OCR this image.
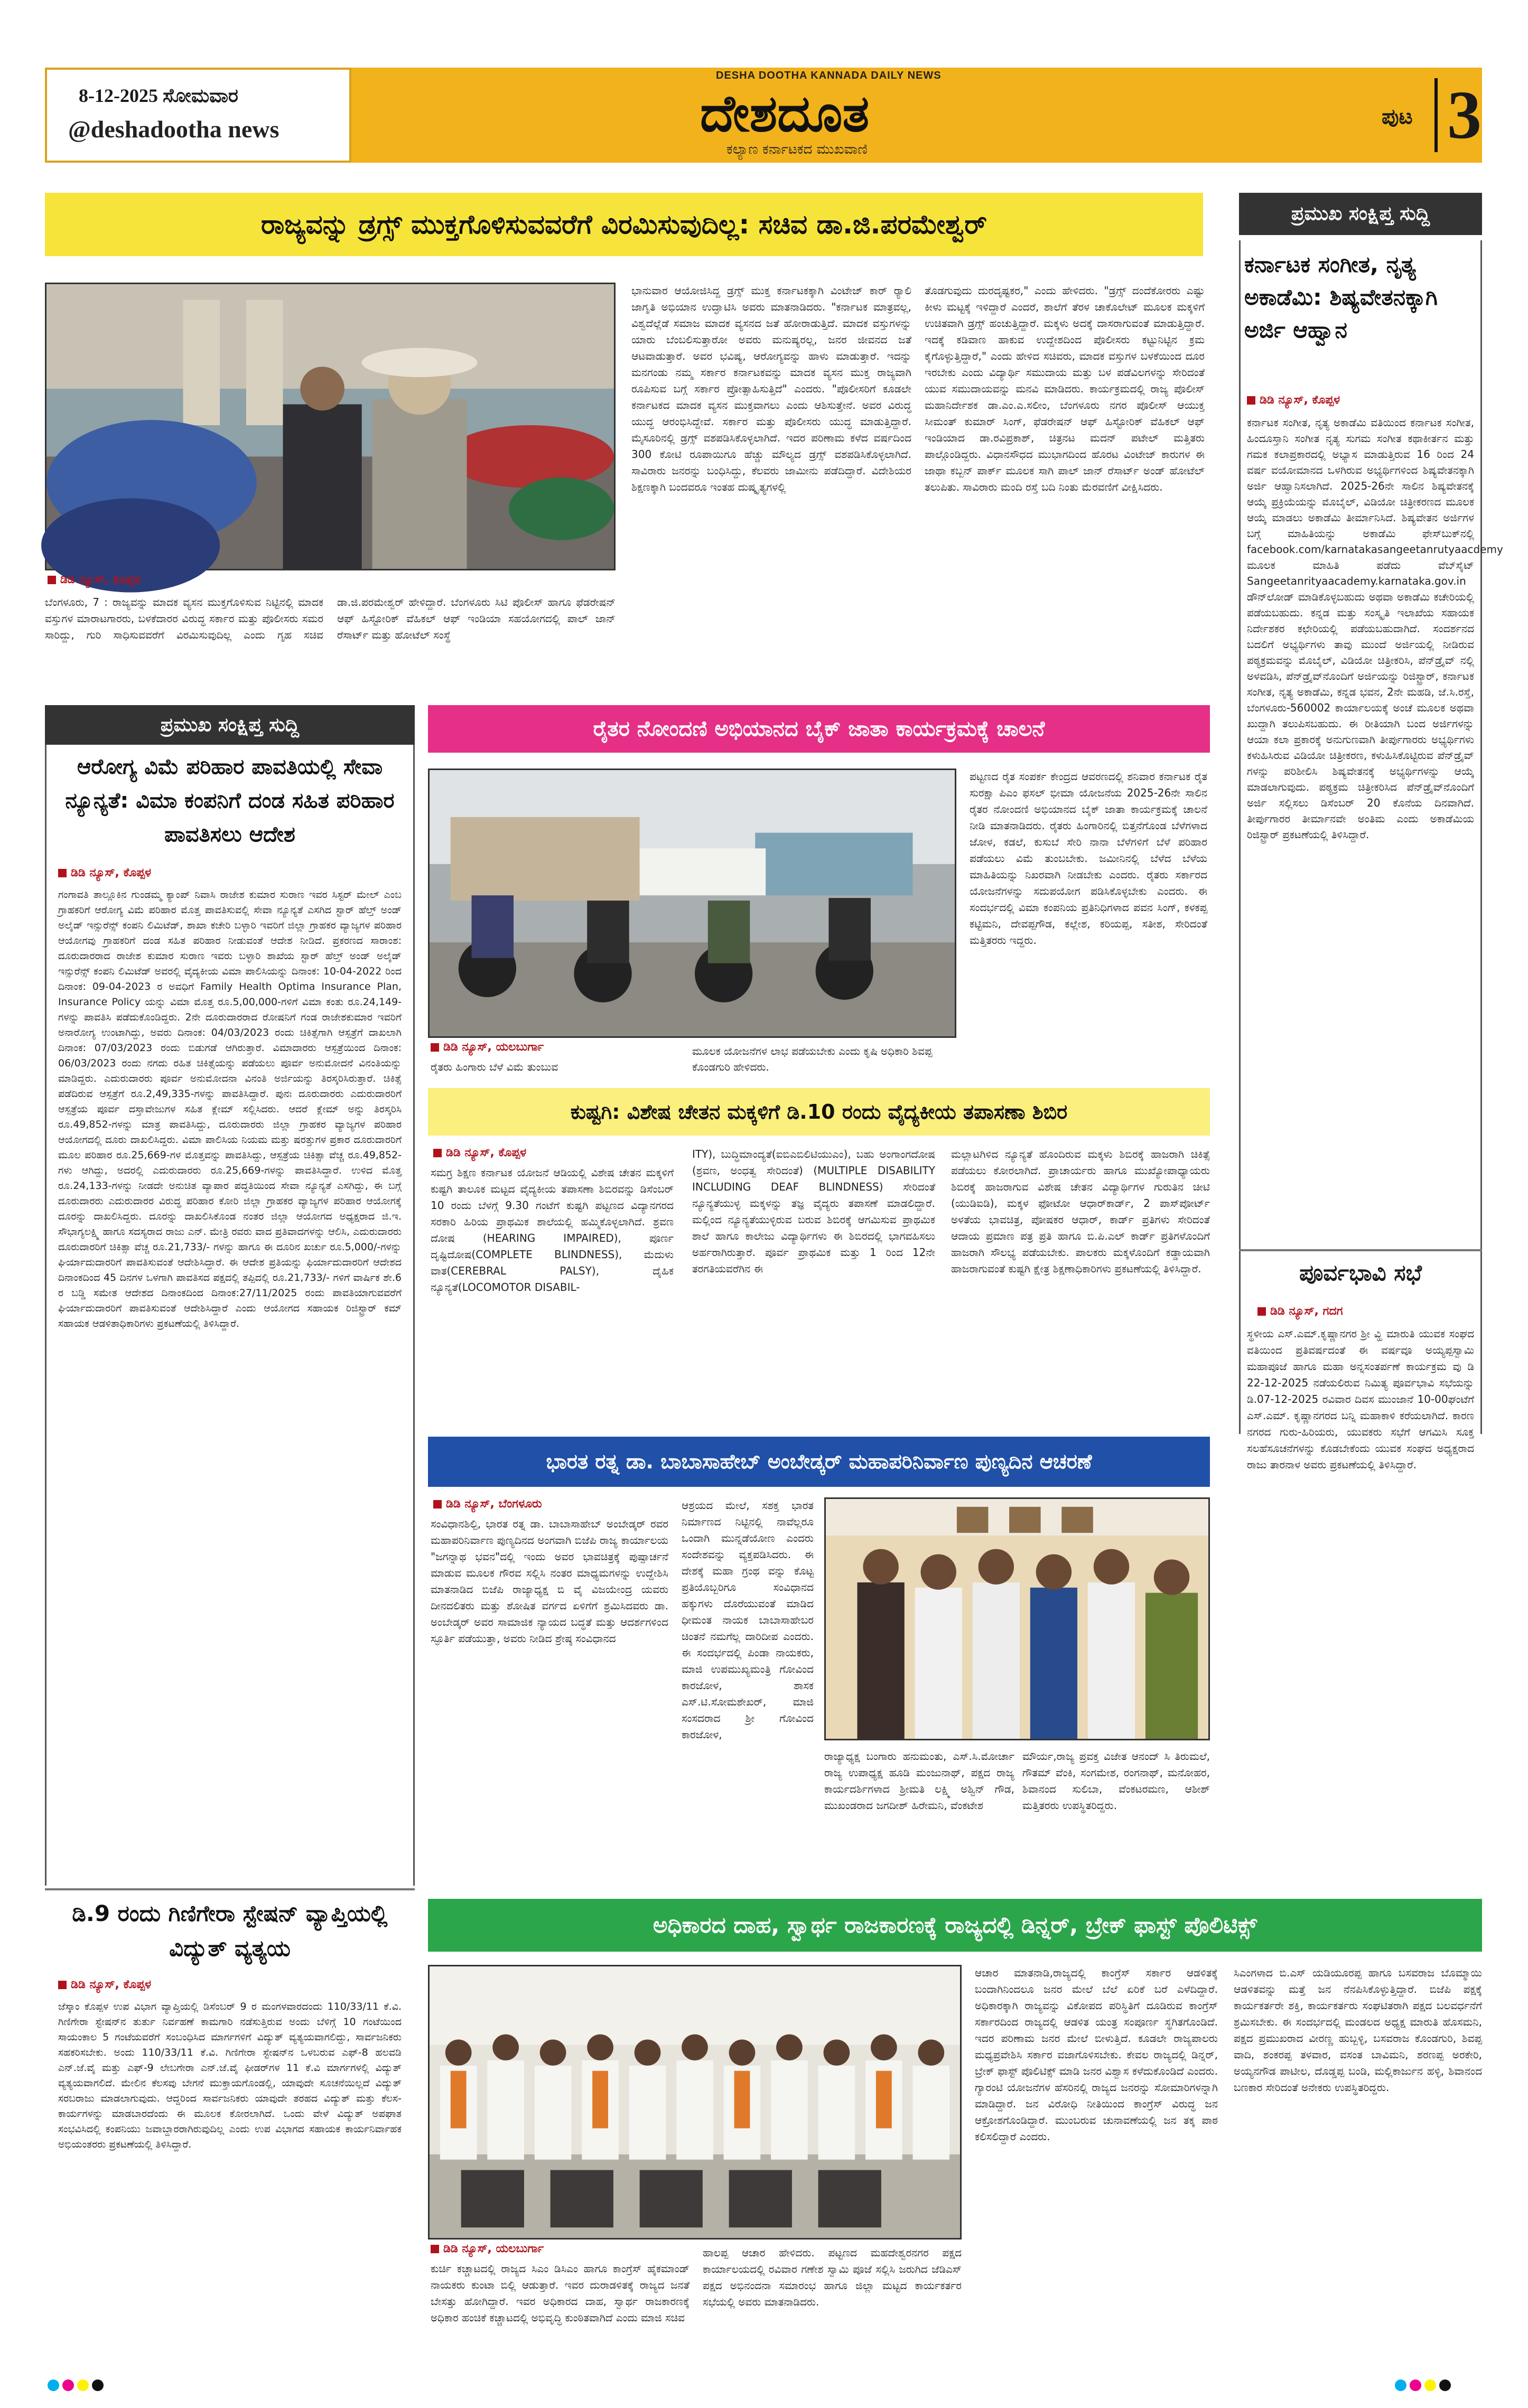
8-12-2025 ಸೋಮವಾರ
@deshadootha news
DESHA DOOTHA KANNADA DAILY NEWS
ದೇಶದೂತ
ಕಲ್ಯಾಣ ಕರ್ನಾಟಕದ ಮುಖವಾಣಿ
ಪುಟ 3
ರಾಜ್ಯವನ್ನು ಡ್ರಗ್ಸ್ ಮುಕ್ತಗೊಳಿಸುವವರೆಗೆ ವಿರಮಿಸುವುದಿಲ್ಲ: ಸಚಿವ ಡಾ.ಜಿ.ಪರಮೇಶ್ವರ್
ಡಿಡಿ ನ್ಯೂಸ್, ಕೊಪ್ಪಳ
ಬೆಂಗಳೂರು, 7 : ರಾಜ್ಯವನ್ನು ಮಾದಕ ವ್ಯಸನ ಮುಕ್ತಗೊಳಿಸುವ ನಿಟ್ಟಿನಲ್ಲಿ ಮಾದಕ ವಸ್ತುಗಳ ಮಾರಾಟಗಾರರು, ಬಳಕೆದಾರರ ವಿರುದ್ಧ ಸರ್ಕಾರ ಮತ್ತು ಪೊಲೀಸರು ಸಮರ ಸಾರಿದ್ದು, ಗುರಿ ಸಾಧಿಸುವವರೆಗೆ ವಿರಮಿಸುವುದಿಲ್ಲ ಎಂದು ಗೃಹ ಸಚಿವ ಡಾ.ಜಿ.ಪರಮೇಶ್ವರ್ ಹೇಳಿದ್ದಾರೆ. ಬೆಂಗಳೂರು ಸಿಟಿ ಪೊಲೀಸ್ ಹಾಗೂ ಫೆಡರೇಷನ್ ಆಫ್ ಹಿಸ್ಟೋರಿಕ್ ವೆಹಿಕಲ್ ಆಫ್ ಇಂಡಿಯಾ ಸಹಯೋಗದಲ್ಲಿ ಪಾಲ್ ಜಾನ್ ರೆಸಾರ್ಟ್ ಮತ್ತು ಹೋಟೆಲ್ ಸಂಸ್ಥೆ
ಭಾನುವಾರ ಆಯೋಜಿಸಿದ್ದ ಡ್ರಗ್ಸ್ ಮುಕ್ತ ಕರ್ನಾಟಕಕ್ಕಾಗಿ ವಿಂಟೇಜ್ ಕಾರ್ ರ್‍ಯಾಲಿ ಜಾಗೃತಿ ಅಭಿಯಾನ ಉದ್ಘಾಟಿಸಿ ಅವರು ಮಾತನಾಡಿದರು. "ಕರ್ನಾಟಕ ಮಾತ್ರವಲ್ಲ, ವಿಶ್ವದೆಲ್ಲೆಡೆ ಸಮಾಜ ಮಾದಕ ವ್ಯಸನದ ಜತೆ ಹೋರಾಡುತ್ತಿದೆ. ಮಾದಕ ವಸ್ತುಗಳನ್ನು ಯಾರು ಬೆಂಬಲಿಸುತ್ತಾರೋ ಅವರು ಮನುಷ್ಯರಲ್ಲ, ಜನರ ಜೀವನದ ಜತೆ ಆಟವಾಡುತ್ತಾರೆ. ಅವರ ಭವಿಷ್ಯ, ಆರೋಗ್ಯವನ್ನು ಹಾಳು ಮಾಡುತ್ತಾರೆ. ಇದನ್ನು ಮನಗಂಡು ನಮ್ಮ ಸರ್ಕಾರ ಕರ್ನಾಟಕವನ್ನು ಮಾದಕ ವ್ಯಸನ ಮುಕ್ತ ರಾಜ್ಯವಾಗಿ ರೂಪಿಸುವ ಬಗ್ಗೆ ಸರ್ಕಾರ ಪ್ರೋತ್ಸಾಹಿಸುತ್ತಿದೆ" ಎಂದರು. "ಪೊಲೀಸರಿಗೆ ಕೂಡಲೇ ಕರ್ನಾಟಕದ ಮಾದಕ ವ್ಯಸನ ಮುಕ್ತವಾಗಲು ಎಂದು ಆಶಿಸುತ್ತೇನೆ. ಅವರ ವಿರುದ್ಧ ಯುದ್ಧ ಆರಂಭಿಸಿದ್ದೇವೆ. ಸರ್ಕಾರ ಮತ್ತು ಪೊಲೀಸರು ಯುದ್ಧ ಮಾಡುತ್ತಿದ್ದಾರೆ. ಮೈಸೂರಿನಲ್ಲಿ ಡ್ರಗ್ಸ್ ವಶಪಡಿಸಿಕೊಳ್ಳಲಾಗಿದೆ. ಇದರ ಪರಿಣಾಮ ಕಳೆದ ವರ್ಷದಿಂದ 300 ಕೋಟಿ ರೂಪಾಯಿಗೂ ಹೆಚ್ಚು ಮೌಲ್ಯದ ಡ್ರಗ್ಸ್ ವಶಪಡಿಸಿಕೊಳ್ಳಲಾಗಿದೆ. ಸಾವಿರಾರು ಜನರನ್ನು ಬಂಧಿಸಿದ್ದು, ಕೆಲವರು ಜಾಮೀನು ಪಡೆದಿದ್ದಾರೆ. ವಿದೇಶಿಯರ ಶಿಕ್ಷಣಕ್ಕಾಗಿ ಬಂದವರೂ ಇಂತಹ ದುಷ್ಕೃತ್ಯಗಳಲ್ಲಿ
ತೊಡಗುವುದು ದುರದೃಷ್ಟಕರ," ಎಂದು ಹೇಳಿದರು. "ಡ್ರಗ್ಸ್ ದಂದೆಕೋರರು ಎಷ್ಟು ಕೀಳು ಮಟ್ಟಕ್ಕೆ ಇಳಿದ್ದಾರೆ ಎಂದರೆ, ಶಾಲೆಗೆ ತೆರಳ ಚಾಕೊಲೇಟ್ ಮೂಲಕ ಮಕ್ಕಳಿಗೆ ಉಚಿತವಾಗಿ ಡ್ರಗ್ಸ್ ಹಂಚುತ್ತಿದ್ದಾರೆ. ಮಕ್ಕಳು ಅದಕ್ಕೆ ದಾಸರಾಗುವಂತೆ ಮಾಡುತ್ತಿದ್ದಾರೆ. ಇದಕ್ಕೆ ಕಡಿವಾಣ ಹಾಕುವ ಉದ್ದೇಶದಿಂದ ಪೊಲೀಸರು ಕಟ್ಟುನಿಟ್ಟಿನ ಕ್ರಮ ಕೈಗೊಳ್ಳುತ್ತಿದ್ದಾರೆ," ಎಂದು ಹೇಳಿದ ಸಚಿವರು, ಮಾದಕ ವಸ್ತುಗಳ ಬಳಕೆಯಿಂದ ದೂರ ಇರಬೇಕು ಎಂದು ವಿದ್ಯಾರ್ಥಿ ಸಮುದಾಯ ಮತ್ತು ಬಳ ಪಡೆವಿಲಗಳನ್ನು ಸೇರಿದಂತೆ ಯುವ ಸಮುದಾಯವನ್ನು ಮನವಿ ಮಾಡಿದರು. ಕಾರ್ಯಕ್ರಮದಲ್ಲಿ ರಾಜ್ಯ ಪೊಲೀಸ್ ಮಹಾನಿರ್ದೇಶಕ ಡಾ.ಎಂ.ಎ.ಸಲೀಂ, ಬೆಂಗಳೂರು ನಗರ ಪೊಲೀಸ್ ಆಯುಕ್ತ ಸೀಮಂತ್ ಕುಮಾರ್ ಸಿಂಗ್, ಫೆಡರೇಷನ್ ಆಫ್ ಹಿಸ್ಟೋರಿಕ್ ವೆಹಿಕಲ್ ಆಫ್ ಇಂಡಿಯಾದ ಡಾ.ರವಿಪ್ರಕಾಶ್, ಚಿತ್ರನಟ ಮದನ್ ಪಟೇಲ್ ಮತ್ತಿತರು ಪಾಲ್ಗೊಂಡಿದ್ದರು. ವಿಧಾನಸೌಧದ ಮುಭಾಗದಿಂದ ಹೊರಟ ವಿಂಟೇಜ್ ಕಾರುಗಳ ಈ ಜಾಥಾ ಕಬ್ಬನ್ ಪಾರ್ಕ್ ಮೂಲಕ ಸಾಗಿ ಪಾಲ್ ಜಾನ್ ರೆಸಾರ್ಟ್ ಅಂಡ್ ಹೋಟೆಲ್ ತಲುಪಿತು. ಸಾವಿರಾರು ಮಂದಿ ರಸ್ತೆ ಬದಿ ನಿಂತು ಮೆರವಣಿಗೆ ವೀಕ್ಷಿಸಿದರು.
ಪ್ರಮುಖ ಸಂಕ್ಷಿಪ್ತ ಸುದ್ದಿ
ಕರ್ನಾಟಕ ಸಂಗೀತ, ನೃತ್ಯ ಅಕಾಡೆಮಿ: ಶಿಷ್ಯವೇತನಕ್ಕಾಗಿ ಅರ್ಜಿ ಆಹ್ವಾನ
ಡಿಡಿ ನ್ಯೂಸ್, ಕೊಪ್ಪಳ
ಕರ್ನಾಟಕ ಸಂಗೀತ, ನೃತ್ಯ ಅಕಾಡೆಮಿ ವತಿಯಿಂದ ಕರ್ನಾಟಕ ಸಂಗೀತ, ಹಿಂದೂಸ್ತಾನಿ ಸಂಗೀತ ನೃತ್ಯ ಸುಗಮ ಸಂಗೀತ ಕಥಾಕೀರ್ತನ ಮತ್ತು ಗಮಕ ಕಲಾಪ್ರಕಾರದಲ್ಲಿ ಅಭ್ಯಾಸ ಮಾಡುತ್ತಿರುವ 16 ರಿಂದ 24 ವರ್ಷ ವಯೋಮಾನದ ಒಳಗಿರುವ ಅಭ್ಯರ್ಥಿಗಳಿಂದ ಶಿಷ್ಯವೇತನಕ್ಕಾಗಿ ಅರ್ಜಿ ಆಹ್ವಾನಿಸಲಾಗಿದೆ. 2025-26ನೇ ಸಾಲಿನ ಶಿಷ್ಯವೇತನಕ್ಕೆ ಆಯ್ಕೆ ಪ್ರಕ್ರಿಯೆಯನ್ನು ಮೊಬೈಲ್, ವಿಡಿಯೋ ಚಿತ್ರೀಕರಣದ ಮೂಲಕ ಆಯ್ಕೆ ಮಾಡಲು ಅಕಾಡೆಮಿ ತೀರ್ಮಾನಿಸಿದೆ. ಶಿಷ್ಯವೇತನ ಅರ್ಜಿಗಳ ಬಗ್ಗೆ ಮಾಹಿತಿಯನ್ನು ಅಕಾಡೆಮಿ ಫೇಸ್‌ಬುಕ್‌ನಲ್ಲಿ facebook.com/karnatakasangeetanrutyaacdemy ಮೂಲಕ ಮಾಹಿತಿ ಪಡೆದು ವೆಬ್‌ಸೈಟ್ Sangeetanrityaacademy.karnataka.gov.in ಡೌನ್‌ಲೋಡ್ ಮಾಡಿಕೊಳ್ಳಬಹುದು ಅಥವಾ ಅಕಾಡೆಮಿ ಕಚೇರಿಯಲ್ಲಿ ಪಡೆಯಬಹುದು. ಕನ್ನಡ ಮತ್ತು ಸಂಸ್ಕೃತಿ ಇಲಾಖೆಯ ಸಹಾಯಕ ನಿರ್ದೇಶಕರ ಕಛೇರಿಯಲ್ಲಿ ಪಡೆಯಬಹುದಾಗಿದೆ. ಸಂದರ್ಶನದ ಬದಲಿಗೆ ಅಭ್ಯರ್ಥಿಗಳು ತಾವು ಮುಂದೆ ಅರ್ಜಿಯಲ್ಲಿ ನೀಡಿರುವ ಪಠ್ಯಕ್ರಮವನ್ನು ಮೊಬೈಲ್, ವಿಡಿಯೋ ಚಿತ್ರೀಕರಿಸಿ, ಪೆನ್‌ಡ್ರೈವ್ ನಲ್ಲಿ ಅಳವಡಿಸಿ, ಪೆನ್‌ಡ್ರೈವ್‌ನೊಂದಿಗೆ ಅರ್ಜಿಯನ್ನು ರಿಜಿಸ್ಟ್ರಾರ್, ಕರ್ನಾಟಕ ಸಂಗೀತ, ನೃತ್ಯ ಅಕಾಡೆಮಿ, ಕನ್ನಡ ಭವನ, 2ನೇ ಮಹಡಿ, ಜೆ.ಸಿ.ರಸ್ತೆ, ಬೆಂಗಳೂರು-560002 ಕಾರ್ಯಾಲಯಕ್ಕೆ ಅಂಚೆ ಮೂಲಕ ಅಥವಾ ಖುದ್ದಾಗಿ ತಲುಪಿಸಬಹುದು. ಈ ರೀತಿಯಾಗಿ ಬಂದ ಅರ್ಜಿಗಳನ್ನು ಆಯಾ ಕಲಾ ಪ್ರಕಾರಕ್ಕೆ ಅನುಗುಣವಾಗಿ ತೀರ್ಪುಗಾರರು ಅಭ್ಯರ್ಥಿಗಳು ಕಳುಹಿಸಿರುವ ವಿಡಿಯೋ ಚಿತ್ರೀಕರಣ, ಕಳುಹಿಸಿಕೊಟ್ಟಿರುವ ಪೆನ್‌ಡ್ರೈವ್ ಗಳನ್ನು ಪರಿಶೀಲಿಸಿ ಶಿಷ್ಯವೇತನಕ್ಕೆ ಅಭ್ಯರ್ಥಿಗಳನ್ನು ಆಯ್ಕೆ ಮಾಡಲಾಗುವುದು. ಪಠ್ಯಕ್ರಮ ಚಿತ್ರೀಕರಿಸಿದ ಪೆನ್‌ಡ್ರೈವ್‌ನೊಂದಿಗೆ ಅರ್ಜಿ ಸಲ್ಲಿಸಲು ಡಿಸೆಂಬರ್ 20 ಕೊನೆಯ ದಿನವಾಗಿದೆ. ತೀರ್ಪುಗಾರರ ತೀರ್ಮಾನವೇ ಅಂತಿಮ ಎಂದು ಅಕಾಡೆಮಿಯ ರಿಜಿಸ್ಟ್ರಾರ್ ಪ್ರಕಟಣೆಯಲ್ಲಿ ತಿಳಿಸಿದ್ದಾರೆ.
ಪೂರ್ವಭಾವಿ ಸಭೆ
ಡಿಡಿ ನ್ಯೂಸ್, ಗದಗ
ಸ್ಥಳೀಯ ಎಸ್.ಎಮ್.ಕೃಷ್ಣಾನಗರ ಶ್ರೀ ವ್ಹಿ ಮಾರುತಿ ಯುವಕ ಸಂಘದ ವತಿಯಿಂದ ಪ್ರತಿವರ್ಷದಂತೆ ಈ ವರ್ಷವೂ ಅಯ್ಯಪ್ಪಸ್ವಾಮಿ ಮಹಾಪೂಜೆ ಹಾಗೂ ಮಹಾ ಅನ್ನಸಂತರ್ಪಣೆ ಕಾರ್ಯಕ್ರಮ ವು ಡಿ 22-12-2025 ನಡೆಯಲಿರುವ ನಿಮಿತ್ಯ ಪೂರ್ವಭಾವಿ ಸಭೆಯನ್ನು ಡಿ.07-12-2025 ರವಿವಾರ ದಿವಸ ಮುಂಜಾನೆ 10-00ಘಂಟೆಗೆ ಎಸ್.ಎಮ್. ಕೃಷ್ಣಾನಗರದ ಬನ್ನಿ ಮಹಾಕಾಳಿ ಕರೆಯಲಾಗಿದೆ. ಕಾರಣ ನಗರದ ಗುರು-ಹಿರಿಯರು, ಯುವಕರು ಸಭೆಗೆ ಆಗಮಿಸಿ ಸೂಕ್ತ ಸಲಹೆಸೂಚನೆಗಳನ್ನು ಕೊಡಬೇಕೆಂದು ಯುವಕ ಸಂಘದ ಅಧ್ಯಕ್ಷರಾದ ರಾಜು ತಾರನಾಳ ಅವರು ಪ್ರಕಟಣೆಯಲ್ಲಿ ತಿಳಿಸಿದ್ದಾರೆ.
ಪ್ರಮುಖ ಸಂಕ್ಷಿಪ್ತ ಸುದ್ದಿ
ಆರೋಗ್ಯ ವಿಮೆ ಪರಿಹಾರ ಪಾವತಿಯಲ್ಲಿ ಸೇವಾ ನ್ಯೂನ್ಯತೆ: ವಿಮಾ ಕಂಪನಿಗೆ ದಂಡ ಸಹಿತ ಪರಿಹಾರ ಪಾವತಿಸಲು ಆದೇಶ
ಡಿಡಿ ನ್ಯೂಸ್, ಕೊಪ್ಪಳ
ಗಂಗಾವತಿ ತಾಲ್ಲೂಕಿನ ಗುಂಡಮ್ಮ ಕ್ಯಾಂಪ್ ನಿವಾಸಿ ರಾಜೇಶ ಕುಮಾರ ಸುರಾಣ ಇವರ ಸಿಸ್ಟರ್ ಮೇಲ್ ಎಂಬ ಗ್ರಾಹಕರಿಗೆ ಆರೋಗ್ಯ ವಿಮೆ ಪರಿಹಾರ ಮೊತ್ತ ಪಾವತಿಸುವಲ್ಲಿ ಸೇವಾ ನ್ಯೂನ್ಯತೆ ಎಸಗಿದ ಸ್ಟಾರ್ ಹೆಲ್ತ್ ಅಂಡ್ ಅಲೈಡ್ ಇನ್ಸುರೆನ್ಸ್ ಕಂಪನಿ ಲಿಮಿಟೆಡ್, ಶಾಖಾ ಕಚೇರಿ ಬಳ್ಳಾರಿ ಇವರಿಗೆ ಜಿಲ್ಲಾ ಗ್ರಾಹಕರ ವ್ಯಾಜ್ಯಗಳ ಪರಿಹಾರ ಆಯೋಗವು ಗ್ರಾಹಕರಿಗೆ ದಂಡ ಸಹಿತ ಪರಿಹಾರ ನೀಡುವಂತೆ ಆದೇಶ ನೀಡಿದೆ. ಪ್ರಕರಣದ ಸಾರಾಂಶ: ದೂರುದಾರರಾದ ರಾಜೇಶ ಕುಮಾರ ಸುರಾಣ ಇವರು ಬಳ್ಳಾರಿ ಶಾಖೆಯ ಸ್ಟಾರ್ ಹೆಲ್ತ್ ಅಂಡ್ ಅಲೈಡ್ ಇನ್ಸುರೆನ್ಸ್ ಕಂಪನಿ ಲಿಮಿಟೆಡ್ ಅವರಲ್ಲಿ ವೈದ್ಯಕೀಯ ವಿಮಾ ಪಾಲಿಸಿಯನ್ನು ದಿನಾಂಕ: 10-04-2022 ರಿಂದ ದಿನಾಂಕ: 09-04-2023 ರ ಅವಧಿಗೆ Family Health Optima Insurance Plan, Insurance Policy ಯನ್ನು ವಿಮಾ ಮೊತ್ತ ರೂ.5,00,000-ಗಳಿಗೆ ವಿಮಾ ಕಂತು ರೂ.24,149-ಗಳನ್ನು ಪಾವತಿಸಿ ಪಡೆದುಕೊಂಡಿದ್ದರು. 2ನೇ ದೂರುದಾರರಾದ ರೋಷನಿಗೆ ಗಂಡ ರಾಜೇಶಕುಮಾರ ಇವರಿಗೆ ಅನಾರೋಗ್ಯ ಉಂಟಾಗಿದ್ದು, ಅವರು ದಿನಾಂಕ: 04/03/2023 ರಂದು ಚಿಕಿತ್ಸೆಗಾಗಿ ಆಸ್ಪತ್ರೆಗೆ ದಾಖಲಾಗಿ ದಿನಾಂಕ: 07/03/2023 ರಂದು ಬಿಡುಗಡೆ ಆಗಿರುತ್ತಾರೆ. ವಿಮಾದಾರರು ಆಸ್ಪತ್ರೆಯಿಂದ ದಿನಾಂಕ: 06/03/2023 ರಂದು ನಗದು ರಹಿತ ಚಿಕಿತ್ಸೆಯನ್ನು ಪಡೆಯಲು ಪೂರ್ವ ಅನುಮೋದನೆ ವಿನಂತಿಯನ್ನು ಮಾಡಿದ್ದರು. ಎದುರುದಾರರು ಪೂರ್ವ ಅನುಮೋದನಾ ವಿನಂತಿ ಅರ್ಜಿಯನ್ನು ತಿರಸ್ಕರಿಸಿರುತ್ತಾರೆ. ಚಿಕಿತ್ಸೆ ಪಡೆದಿರುವ ಆಸ್ಪತ್ರೆಗೆ ರೂ.2,49,335-ಗಳನ್ನು ಪಾವತಿಸಿದ್ದಾರೆ. ಪುನಃ ದೂರುದಾರರು ಎದುರುದಾರರಿಗೆ ಆಸ್ಪತ್ರೆಯ ಪೂರ್ವ ದಸ್ತಾವೇಜುಗಳ ಸಹಿತ ಕ್ಲೇಮ್ ಸಲ್ಲಿಸಿದರು. ಆದರೆ ಕ್ಲೇಮ್ ಅನ್ನು ತಿರಸ್ಕರಿಸಿ ರೂ.49,852-ಗಳನ್ನು ಮಾತ್ರ ಪಾವತಿಸಿದ್ದು, ದೂರುದಾರರು ಜಿಲ್ಲಾ ಗ್ರಾಹಕರ ವ್ಯಾಜ್ಯಗಳ ಪರಿಹಾರ ಆಯೋಗದಲ್ಲಿ ದೂರು ದಾಖಲಿಸಿದ್ದರು. ವಿಮಾ ಪಾಲಿಸಿಯ ನಿಯಮ ಮತ್ತು ಷರತ್ತುಗಳ ಪ್ರಕಾರ ದೂರುದಾರರಿಗೆ ಮೂಲ ಪರಿಹಾರ ರೂ.25,669-ಗಳ ಮೊತ್ತವನ್ನು ಪಾವತಿಸಿದ್ದು, ಆಸ್ಪತ್ರೆಯ ಚಿಕಿತ್ಸಾ ವೆಚ್ಚ ರೂ.49,852-ಗಳು ಆಗಿದ್ದು, ಅದರಲ್ಲಿ ಎದುರುದಾರರು ರೂ.25,669-ಗಳನ್ನು ಪಾವತಿಸಿದ್ದಾರೆ. ಉಳಿದ ಮೊತ್ತ ರೂ.24,133-ಗಳನ್ನು ನೀಡದೇ ಅನುಚಿತ ವ್ಯಾಪಾರ ಪದ್ಧತಿಯಿಂದ ಸೇವಾ ನ್ಯೂನ್ಯತೆ ಎಸಗಿದ್ದು, ಈ ಬಗ್ಗೆ ದೂರುದಾರರು ಎದುರುದಾರರ ವಿರುದ್ಧ ಪರಿಹಾರ ಕೋರಿ ಜಿಲ್ಲಾ ಗ್ರಾಹಕರ ವ್ಯಾಜ್ಯಗಳ ಪರಿಹಾರ ಆಯೋಗಕ್ಕೆ ದೂರನ್ನು ದಾಖಲಿಸಿದ್ದರು. ದೂರನ್ನು ದಾಖಲಿಸಿಕೊಂಡ ನಂತರ ಜಿಲ್ಲಾ ಆಯೋಗದ ಅಧ್ಯಕ್ಷರಾದ ಜಿ.ಇ. ಸೌಭಾಗ್ಯಲಕ್ಷ್ಮಿ ಹಾಗೂ ಸದಸ್ಯರಾದ ರಾಜು ಎನ್. ಮೇತ್ರಿ ರವರು ವಾದ ಪ್ರತಿವಾದಗಳನ್ನು ಆಲಿಸಿ, ಎದುರುದಾರರು ದೂರುದಾರರಿಗೆ ಚಿಕಿತ್ಸಾ ವೆಚ್ಚ ರೂ.21,733/- ಗಳನ್ನು ಹಾಗೂ ಈ ದೂರಿನ ಖರ್ಚು ರೂ.5,000/-ಗಳನ್ನು ಘಿರ್ಯಾದುದಾರರಿಗೆ ಪಾವತಿಸುವಂತೆ ಆದೇಶಿಸಿದ್ದಾರೆ. ಈ ಆದೇಶ ಪ್ರತಿಯನ್ನು ಫಿರ್ಯಾದುದಾರರಿಗೆ ಆದೇಶದ ದಿನಾಂಕದಿಂದ 45 ದಿನಗಳ ಒಳಗಾಗಿ ಪಾವತಿಸದ ಪಕ್ಷದಲ್ಲಿ ತಪ್ಪಿದಲ್ಲಿ ರೂ.21,733/- ಗಳಿಗೆ ವಾರ್ಷಿಕ ಶೇ.6 ರ ಬಡ್ಡಿ ಸಮೇತ ಆದೇಶದ ದಿನಾಂಕದಿಂದ ದಿನಾಂಕ:27/11/2025 ರಂದು ಪಾವತಿಯಾಗುವವರೆಗೆ ಘಿರ್ಯಾದುದಾರರಿಗೆ ಪಾವತಿಸುವಂತೆ ಆದೇಶಿಸಿದ್ದಾರೆ ಎಂದು ಆಯೋಗದ ಸಹಾಯಕ ರಿಜಿಸ್ಟ್ರಾರ್ ಕಮ್ ಸಹಾಯಕ ಆಡಳಿತಾಧಿಕಾರಿಗಳು ಪ್ರಕಟಣೆಯಲ್ಲಿ ತಿಳಿಸಿದ್ದಾರೆ.
ಡಿ.9 ರಂದು ಗಿಣಿಗೇರಾ ಸ್ಟೇಷನ್ ವ್ಯಾಪ್ತಿಯಲ್ಲಿ ವಿದ್ಯುತ್ ವ್ಯತ್ಯಯ
ಡಿಡಿ ನ್ಯೂಸ್, ಕೊಪ್ಪಳ
ಜೆಸ್ಕಾಂ ಕೊಪ್ಪಳ ಉಪ ವಿಭಾಗ ವ್ಯಾಪ್ತಿಯಲ್ಲಿ ಡಿಸೆಂಬರ್ 9 ರ ಮಂಗಳವಾರದಂದು 110/33/11 ಕೆ.ವಿ. ಗಿಣಿಗೇರಾ ಸ್ಟೇಷನ್‌ನ ತುರ್ತು ನಿರ್ವಹಣೆ ಕಾಮಗಾರಿ ನಡೆಸುತ್ತಿರುವ ಅಂದು ಬೆಳಿಗ್ಗೆ 10 ಗಂಟೆಯಿಂದ ಸಾಯಂಕಾಲ 5 ಗಂಟೆಯವರೆಗೆ ಸಂಬಂಧಿಸಿದ ಮಾರ್ಗಗಳಿಗೆ ವಿದ್ಯುತ್ ವ್ಯತ್ಯಯವಾಗಲಿದ್ದು, ಸಾರ್ವಜನಿಕರು ಸಹಕರಿಸಬೇಕು. ಅಂದು 110/33/11 ಕೆ.ವಿ. ಗಿಣಿಗೇರಾ ಸ್ಟೇಷನ್‌ನ ಒಳಬರುವ ಎಫ್-8 ಹಲವಡಿ ಎನ್.ಜೆ.ವೈ ಮತ್ತು ಎಫ್-9 ಲೇಬಗೇರಾ ಎನ್.ಜೆ.ವೈ ಫೀಡರ್‌ಗಳ 11 ಕೆ.ವಿ ಮಾರ್ಗಗಳಲ್ಲಿ ವಿದ್ಯುತ್ ವ್ಯತ್ಯಯವಾಗಲಿದೆ. ಮೇಲಿನ ಕೆಲಸವು ಬೇಗನೆ ಮುಕ್ತಾಯಗೊಂಡಲ್ಲಿ, ಯಾವುದೇ ಸೂಚನೆಯಿಲ್ಲದೆ ವಿದ್ಯುತ್ ಸರಬರಾಜು ಮಾಡಲಾಗುವುದು. ಆದ್ದರಿಂದ ಸಾರ್ವಜನಿಕರು ಯಾವುದೇ ತರಹದ ವಿದ್ಯುತ್ ಮತ್ತು ಕೆಲಸ-ಕಾರ್ಯಗಳನ್ನು ಮಾಡಬಾರದೆಂದು ಈ ಮೂಲಕ ಕೋರಲಾಗಿದೆ. ಒಂದು ವೇಳೆ ವಿದ್ಯುತ್ ಅಪಘಾತ ಸಂಭವಿಸಿದಲ್ಲಿ ಕಂಪನಿಯು ಜವಾಬ್ದಾರರಾಗಿರುವುದಿಲ್ಲ ಎಂದು ಉಪ ವಿಭಾಗದ ಸಹಾಯಕ ಕಾರ್ಯನಿರ್ವಾಹಕ ಅಭಿಯಂತರರು ಪ್ರಕಟಣೆಯಲ್ಲಿ ತಿಳಿಸಿದ್ದಾರೆ.
ರೈತರ ನೋಂದಣಿ ಅಭಿಯಾನದ ಬೈಕ್ ಜಾತಾ ಕಾರ್ಯಕ್ರಮಕ್ಕೆ ಚಾಲನೆ
ಡಿಡಿ ನ್ಯೂಸ್, ಯಲಬುರ್ಗಾ
ರೈತರು ಹಿಂಗಾರು ಬೆಳೆ ವಿಮೆ ತುಂಬುವ
ಮೂಲಕ ಯೋಜನೆಗಳ ಲಾಭ ಪಡೆಯಬೇಕು ಎಂದು ಕೃಷಿ ಅಧಿಕಾರಿ ಶಿವಪ್ಪ ಕೊಂಡಗುರಿ ಹೇಳಿದರು.
ಪಟ್ಟಣದ ರೈತ ಸಂಪರ್ಕ ಕೇಂದ್ರದ ಆವರಣದಲ್ಲಿ ಶನಿವಾರ ಕರ್ನಾಟಕ ರೈತ ಸುರಕ್ಷಾ ಪಿಎಂ ಫಸಲ್ ಭೀಮಾ ಯೋಜನೆಯ 2025-26ನೇ ಸಾಲಿನ ರೈತರ ನೋಂದಣಿ ಅಭಿಯಾನದ ಬೈಕ್ ಜಾತಾ ಕಾರ್ಯಕ್ರಮಕ್ಕೆ ಚಾಲನೆ ನೀಡಿ ಮಾತನಾಡಿದರು. ರೈತರು ಹಿಂಗಾರಿನಲ್ಲಿ ಬಿತ್ತನೆಗೊಂಡ ಬೆಳೆಗಳಾದ ಜೋಳ, ಕಡಲೆ, ಕುಸುಬೆ ಸೇರಿ ನಾನಾ ಬೆಳೆಗಳಿಗೆ ಬೆಳೆ ಪರಿಹಾರ ಪಡೆಯಲು ವಿಮೆ ತುಂಬಬೇಕು. ಜಮೀನಿನಲ್ಲಿ ಬೆಳೆದ ಬೆಳೆಯ ಮಾಹಿತಿಯನ್ನು ನಿಖರವಾಗಿ ನೀಡಬೇಕು ಎಂದರು. ರೈತರು ಸರ್ಕಾರದ ಯೋಜನೆಗಳನ್ನು ಸದುಪಯೋಗ ಪಡಿಸಿಕೊಳ್ಳಬೇಕು ಎಂದರು. ಈ ಸಂದರ್ಭದಲ್ಲಿ ವಿಮಾ ಕಂಪನಿಯ ಪ್ರತಿನಿಧಿಗಳಾದ ಪವನ ಸಿಂಗ್, ಕಳಕಪ್ಪ ಕಟ್ಟಿಮನಿ, ದೇವಪ್ಪಗೌಡ, ಕಲ್ಲೇಶ, ಕರಿಯಪ್ಪ, ಸತೀಶ, ಸೇರಿದಂತೆ ಮತ್ತಿತರರು ಇದ್ದರು.
ಕುಷ್ಟಗಿ: ವಿಶೇಷ ಚೇತನ ಮಕ್ಕಳಿಗೆ ಡಿ.10 ರಂದು ವೈದ್ಯಕೀಯ ತಪಾಸಣಾ ಶಿಬಿರ
ಡಿಡಿ ನ್ಯೂಸ್, ಕೊಪ್ಪಳ
ಸಮಗ್ರ ಶಿಕ್ಷಣ ಕರ್ನಾಟಕ ಯೋಜನೆ ಆಡಿಯಲ್ಲಿ ವಿಶೇಷ ಚೇತನ ಮಕ್ಕಳಿಗೆ ಕುಷ್ಟಗಿ ತಾಲೂಕ ಮಟ್ಟದ ವೈದ್ಯಕೀಯ ತಪಾಸಣಾ ಶಿಬಿರವನ್ನು ಡಿಸೆಂಬರ್ 10 ರಂದು ಬೆಳಗ್ಗೆ 9.30 ಗಂಟೆಗೆ ಕುಷ್ಟಗಿ ಪಟ್ಟಣದ ವಿದ್ಯಾನಗರದ ಸರಕಾರಿ ಹಿರಿಯ ಪ್ರಾಥಮಿಕ ಶಾಲೆಯಲ್ಲಿ ಹಮ್ಮಿಕೊಳ್ಳಲಾಗಿದೆ. ಶ್ರವಣ ದೋಷ (HEARING IMPAIRED), ಪೂರ್ಣ ದೃಷ್ಟಿದೋಷ(COMPLETE BLINDNESS), ಮೆದುಳು ವಾತ(CEREBRAL PALSY), ದೈಹಿಕ ನ್ಯೂನ್ಯತೆ(LOCOMOTOR DISABIL-
ITY), ಬುದ್ಧಿಮಾಂದ್ಯತೆ(ಐಬಿಎಬಿಲಿಟಿಯುಎಂ), ಬಹು ಅಂಗಾಂಗದೋಷ (ಶ್ರವಣ, ಅಂಧತ್ವ ಸೇರಿದಂತೆ) (MULTIPLE DISABILITY INCLUDING DEAF BLINDNESS) ಸೇರಿದಂತೆ ನ್ಯೂನ್ಯತೆಯುಳ್ಳ ಮಕ್ಕಳನ್ನು ತಜ್ಞ ವೈದ್ಯರು ತಪಾಸಣೆ ಮಾಡಲಿದ್ದಾರೆ. ಮಲ್ಲಿಂದ ನ್ಯೂನ್ಯತೆಯುಳ್ಳಿರುವ ಬರುವ ಶಿಬಿರಕ್ಕೆ ಆಗಮಿಸುವ ಪ್ರಾಥಮಿಕ ಶಾಲೆ ಹಾಗೂ ಕಾಲೇಜು ವಿದ್ಯಾರ್ಥಿಗಳು ಈ ಶಿಬಿರದಲ್ಲಿ ಭಾಗವಹಿಸಲು ಅರ್ಹರಾಗಿರುತ್ತಾರೆ. ಪೂರ್ವ ಪ್ರಾಥಮಿಕ ಮತ್ತು 1 ರಿಂದ 12ನೇ ತರಗತಿಯವರೆಗಿನ ಈ
ಮಲ್ಲಾಟಗಿಳಿದ ನ್ಯೂನ್ಯತೆ ಹೊಂದಿರುವ ಮಕ್ಕಳು ಶಿಬಿರಕ್ಕೆ ಹಾಜರಾಗಿ ಚಿಕಿತ್ಸೆ ಪಡೆಯಲು ಕೋರಲಾಗಿದೆ. ಪ್ರಾಚಾರ್ಯರು ಹಾಗೂ ಮುಖ್ಯೋಪಾಧ್ಯಾಯರು ಶಿಬಿರಕ್ಕೆ ಹಾಜರಾಗುವ ವಿಶೇಷ ಚೇತನ ವಿದ್ಯಾರ್ಥಿಗಳ ಗುರುತಿನ ಚೀಟಿ (ಯುಡಿಐಡಿ), ಮಕ್ಕಳ ಫೋಟೋ ಆಧಾರ್‌ಕಾರ್ಡ್, 2 ಪಾಸ್‌ಪೋರ್ಟ್ ಅಳತೆಯ ಭಾವಚಿತ್ರ, ಪೋಷಕರ ಆಧಾರ್, ಕಾರ್ಡ್ ಪ್ರತಿಗಳು ಸೇರಿದಂತೆ ಆದಾಯ ಪ್ರಮಾಣ ಪತ್ರ ಪ್ರತಿ ಹಾಗೂ ಬಿ.ಪಿ.ಎಲ್ ಕಾರ್ಡ್ ಪ್ರತಿಗಳೊಂದಿಗೆ ಹಾಜರಾಗಿ ಸೌಲಭ್ಯ ಪಡೆಯಬೇಕು. ಪಾಲಕರು ಮಕ್ಕಳೊಂದಿಗೆ ಕಡ್ಡಾಯವಾಗಿ ಹಾಜರಾಗುವಂತೆ ಕುಷ್ಟಗಿ ಕ್ಷೇತ್ರ ಶಿಕ್ಷಣಾಧಿಕಾರಿಗಳು ಪ್ರಕಟಣೆಯಲ್ಲಿ ತಿಳಿಸಿದ್ದಾರೆ.
ಭಾರತ ರತ್ನ ಡಾ. ಬಾಬಾಸಾಹೇಬ್ ಅಂಬೇಡ್ಕರ್ ಮಹಾಪರಿನಿರ್ವಾಣ ಪುಣ್ಯದಿನ ಆಚರಣೆ
ಡಿಡಿ ನ್ಯೂಸ್, ಬೆಂಗಳೂರು
ಸಂವಿಧಾನಶಿಲ್ಪಿ, ಭಾರತ ರತ್ನ ಡಾ. ಬಾಬಾಸಾಹೇಬ್ ಅಂಬೇಡ್ಕರ್ ರವರ ಮಹಾಪರಿನಿರ್ವಾಣ ಪುಣ್ಯದಿನದ ಅಂಗವಾಗಿ ಬಿಜೆಪಿ ರಾಜ್ಯ ಕಾರ್ಯಾಲಯ "ಜಗನ್ನಾಥ ಭವನ"ದಲ್ಲಿ ಇಂದು ಅವರ ಭಾವಚಿತ್ರಕ್ಕೆ ಪುಷ್ಪಾರ್ಚನೆ ಮಾಡುವ ಮೂಲಕ ಗೌರವ ಸಲ್ಲಿಸಿ ನಂತರ ಮಾಧ್ಯಮಗಳನ್ನು ಉದ್ದೇಶಿಸಿ ಮಾತನಾಡಿದ ಬಿಜೆಪಿ ರಾಜ್ಯಾಧ್ಯಕ್ಷ ಬಿ ವೈ ವಿಜಯೇಂದ್ರ ಯವರು ದೀನದಲಿತರು ಮತ್ತು ಶೋಷಿತ ವರ್ಗದ ಏಳಿಗೆಗೆ ಶ್ರಮಿಸಿದವರು ಡಾ. ಅಂಬೇಡ್ಕರ್ ಅವರ ಸಾಮಾಜಿಕ ನ್ಯಾಯದ ಬದ್ಧತೆ ಮತ್ತು ಆದರ್ಶಗಳಿಂದ ಸ್ಫೂರ್ತಿ ಪಡೆಯುತ್ತಾ, ಅವರು ನೀಡಿದ ಶ್ರೇಷ್ಠ ಸಂವಿಧಾನದ
ಆಶ್ರಯದ ಮೇಲೆ, ಸಶಕ್ತ ಭಾರತ ನಿರ್ಮಾಣದ ನಿಟ್ಟಿನಲ್ಲಿ ನಾವೆಲ್ಲರೂ ಒಂದಾಗಿ ಮುನ್ನಡೆಯೋಣ ಎಂದರು ಸಂದೇಶವನ್ನು ವ್ಯಕ್ತಪಡಿಸಿದರು. ಈ ದೇಶಕ್ಕೆ ಮಹಾ ಗ್ರಂಥ ವನ್ನು ಕೊಟ್ಟ ಪ್ರತಿಯೊಬ್ಬರಿಗೂ ಸಂವಿಧಾನದ ಹಕ್ಕುಗಳು ದೊರೆಯುವಂತೆ ಮಾಡಿದ ಧೀಮಂತ ನಾಯಕ ಬಾಬಾಸಾಹೇಬರ ಚಿಂತನೆ ನಮಗೆಲ್ಲ ದಾರಿದೀಪ ಎಂದರು. ಈ ಸಂದರ್ಭದಲ್ಲಿ ಪಿಂಡಾ ನಾಯಕರು, ಮಾಜಿ ಉಪಮುಖ್ಯಮಂತ್ರಿ ಗೋವಿಂದ ಕಾರಜೋಳ, ಶಾಸಕ ಎಸ್.ಟಿ.ಸೋಮಶೇಖರ್, ಮಾಜಿ ಸಂಸದರಾದ ಶ್ರೀ ಗೋವಿಂದ ಕಾರಜೋಳ,
ರಾಜ್ಯಾಧ್ಯಕ್ಷ ಬಂಗಾರು ಹನುಮಂತು, ಎಸ್.ಸಿ.ಮೋರ್ಚಾ ರಾಜ್ಯ ಉಪಾಧ್ಯಕ್ಷ ಹೂಡಿ ಮಂಜುನಾಥ್, ಪಕ್ಷದ ರಾಜ್ಯ ಕಾರ್ಯದರ್ಶಿಗಳಾದ ಶ್ರೀಮತಿ ಲಕ್ಷ್ಮಿ ಅಶ್ವಿನ್ ಗೌಡ, ಮುಖಂಡರಾದ ಜಗದೀಶ್ ಹಿರೇಮನಿ, ವೆಂಕಟೇಶ
ಮೌರ್ಯ,ರಾಜ್ಯ ಪ್ರವಕ್ತ ವಿಜೇತ ಆನಂದ್ ಸಿ ತಿರುಮಲೆ, ಗೌತಮ್ ವೆಂಕಿ, ಸಂಗಮೇಶ, ರಂಗನಾಥ್, ಮನೋಹರ, ಶಿವಾನಂದ ಸುಲಿಬಾ, ವೆಂಕಟರಮಣ, ಆಶೀಶ್ ಮತ್ತಿತರರು ಉಪಸ್ಥಿತರಿದ್ದರು.
ಅಧಿಕಾರದ ದಾಹ, ಸ್ವಾರ್ಥ ರಾಜಕಾರಣಕ್ಕೆ ರಾಜ್ಯದಲ್ಲಿ ಡಿನ್ನರ್, ಬ್ರೇಕ್ ಫಾಸ್ಟ್ ಪೊಲಿಟಿಕ್ಸ್
ಡಿಡಿ ನ್ಯೂಸ್, ಯಲಬುರ್ಗಾ
ಕುರ್ಚಿ ಕಚ್ಚಾಟದಲ್ಲಿ ರಾಜ್ಯದ ಸಿಎಂ ಡಿಸಿಎಂ ಹಾಗೂ ಕಾಂಗ್ರೆಸ್ ಹೈಕಮಾಂಡ್ ನಾಯಕರು ಕುಂಟಾ ಬಿಲ್ಲಿ ಆಡುತ್ತಾರೆ. ಇವರ ದುರಾಡಳಿತಕ್ಕೆ ರಾಜ್ಯದ ಜನತೆ ಬೇಸತ್ತು ಹೋಗಿದ್ದಾರೆ. ಇವರ ಅಧಿಕಾರದ ದಾಹ, ಸ್ವಾರ್ಥ ರಾಜಕಾರಣಕ್ಕೆ ಅಧಿಕಾರ ಹಂಚಿಕೆ ಕಚ್ಚಾಟದಲ್ಲಿ ಅಭಿವೃದ್ಧಿ ಕುಂಠಿತವಾಗಿದೆ ಎಂದು ಮಾಜಿ ಸಚಿವ
ಹಾಲಪ್ಪ ಆಚಾರ ಹೇಳಿದರು. ಪಟ್ಟಣದ ಮಹದೇಶ್ವರನಗರ ಪಕ್ಷದ ಕಾರ್ಯಾಲಯದಲ್ಲಿ ರವಿವಾರ ಗಣೇಶ ಸ್ವಾಮಿ ಪೂಜೆ ಸಲ್ಲಿಸಿ ಜರುಗಿದ ಜೆಡಿಎಸ್ ಪಕ್ಷದ ಅಭಿನಂದನಾ ಸಮಾರಂಭ ಹಾಗೂ ಜಿಲ್ಲಾ ಮಟ್ಟದ ಕಾರ್ಯಕರ್ತರ ಸಭೆಯಲ್ಲಿ ಅವರು ಮಾತನಾಡಿದರು.
ಆಚಾರ ಮಾತನಾಡಿ,ರಾಜ್ಯದಲ್ಲಿ ಕಾಂಗ್ರೆಸ್ ಸರ್ಕಾರ ಆಡಳಿತಕ್ಕೆ ಬಂದಾಗಿನಿಂದಲೂ ಜನರ ಮೇಲೆ ಬೆಲೆ ಏರಿಕೆ ಬರೆ ಎಳೆದಿದ್ದಾರೆ. ಅಧಿಕಾರಕ್ಕಾಗಿ ರಾಜ್ಯವನ್ನು ವಿಕೋಪದ ಪರಿಸ್ಥಿತಿಗೆ ದೂಡಿರುವ ಕಾಂಗ್ರೆಸ್ ಸರ್ಕಾರದಿಂದ ರಾಜ್ಯದಲ್ಲಿ ಆಡಳಿತ ಯಂತ್ರ ಸಂಪೂರ್ಣ ಸ್ಥಗಿತಗೊಂಡಿದೆ. ಇದರ ಪರಿಣಾಮ ಜನರ ಮೇಲೆ ಬೀಳುತ್ತಿದೆ. ಕೂಡಲೇ ರಾಜ್ಯಪಾಲರು ಮಧ್ಯಪ್ರವೇಶಿಸಿ ಸರ್ಕಾರ ವಜಾಗೊಳಿಸಬೇಕು. ಕೇವಲ ರಾಜ್ಯದಲ್ಲಿ ಡಿನ್ನರ್, ಬ್ರೇಕ್ ಫಾಸ್ಟ್ ಪೊಲಿಟಿಕ್ಸ್ ಮಾಡಿ ಜನರ ವಿಶ್ವಾಸ ಕಳೆದುಕೊಂಡಿದೆ ಎಂದರು. ಗ್ಯಾರಂಟಿ ಯೋಜನೆಗಳ ಹೆಸರಿನಲ್ಲಿ ರಾಜ್ಯದ ಜನರನ್ನು ಸೋಮಾರಿಗಳನ್ನಾಗಿ ಮಾಡಿದ್ದಾರೆ. ಜನ ವಿರೋಧಿ ನೀತಿಯಿಂದ ಕಾಂಗ್ರೆಸ್ ವಿರುದ್ಧ ಜನ ಆಕ್ರೋಶಗೊಂಡಿದ್ದಾರೆ. ಮುಂಬರುವ ಚುನಾವಣೆಯಲ್ಲಿ ಜನ ತಕ್ಕ ಪಾಠ ಕಲಿಸಲಿದ್ದಾರೆ ಎಂದರು.
ಸಿಎಂಗಳಾದ ಬಿ.ಎಸ್ ಯಡಿಯೂರಪ್ಪ ಹಾಗೂ ಬಸವರಾಜ ಬೊಮ್ಮಾಯಿ ಆಡಳಿತವನ್ನು ಮತ್ತೆ ಜನ ನೆನಪಿಸಿಕೊಳ್ಳುತ್ತಿದ್ದಾರೆ. ಬಿಜೆಪಿ ಪಕ್ಷಕ್ಕೆ ಕಾರ್ಯಕರ್ತರೇ ಶಕ್ತಿ, ಕಾರ್ಯಕರ್ತರು ಸಂಘಟಿತರಾಗಿ ಪಕ್ಷದ ಬಲವರ್ಧನೆಗೆ ಶ್ರಮಿಸಬೇಕು. ಈ ಸಂದರ್ಭದಲ್ಲಿ ಮಂಡಲದ ಅಧ್ಯಕ್ಷ ಮಾರುತಿ ಹೊಸಮನಿ, ಪಕ್ಷದ ಪ್ರಮುಖರಾದ ವೀರಣ್ಣ ಹುಬ್ಬಳ್ಳಿ, ಬಸವರಾಜ ಕೊಂಡಗುರಿ, ಶಿವಪ್ಪ ವಾದಿ, ಶಂಕರಪ್ಪ ತಳವಾರ, ವಸಂತ ಬಾವಿಮನಿ, ಶರಣಪ್ಪ ಅರಕೇರಿ, ಅಯ್ಯನಗೌಡ ಪಾಟೀಲ, ದೊಡ್ಡಪ್ಪ ಬಂಡಿ, ಮಲ್ಲಿಕಾರ್ಜುನ ಹಳ್ಳಿ, ಶಿವಾನಂದ ಬಣಕಾರ ಸೇರಿದಂತೆ ಅನೇಕರು ಉಪಸ್ಥಿತರಿದ್ದರು.
